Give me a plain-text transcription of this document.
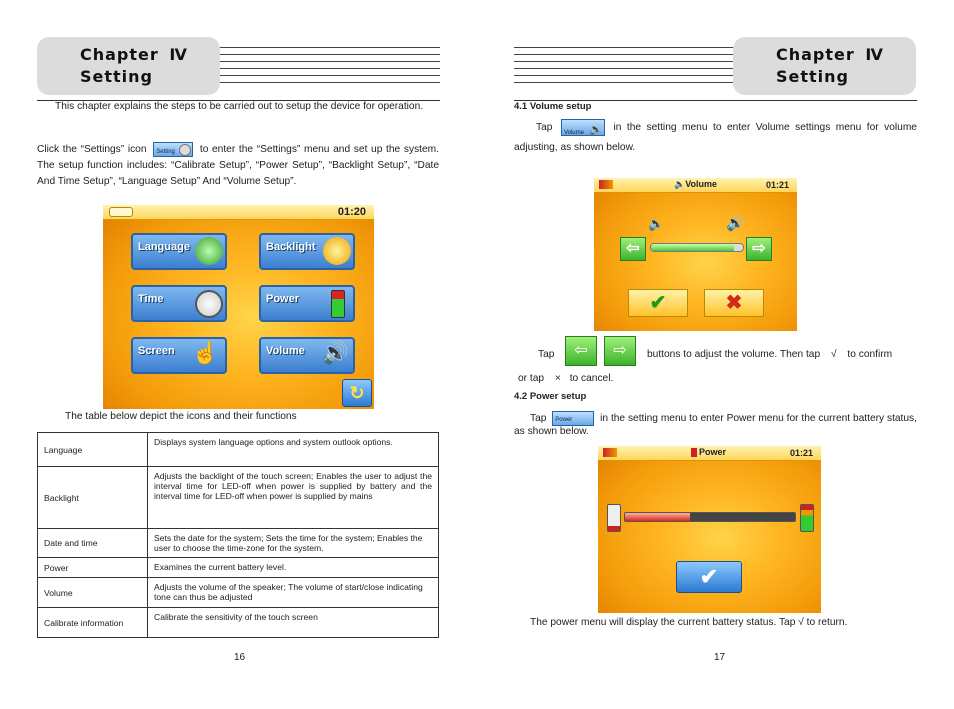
Chapter Ⅳ
Setting
This chapter explains the steps to be carried out to setup the device for operation.
Click the “Settings” icon Setting to enter the “Settings” menu and set up the system. The setup function includes: “Calibrate Setup”, “Power Setup”, “Backlight Setup”, “Date And Time Setup”, “Language Setup” And “Volume Setup”.
01:20
Language	Backlight
Time	Power
Screen ☝	Volume 🔊
↻
The table below depict the icons and their functions
Language	Displays system language options and system outlook options.
Backlight	Adjusts the backlight of the touch screen; Enables the user to adjust the interval time for LED-off when power is supplied by battery and the interval time for LED-off when power is supplied by mains
Date and time	Sets the date for the system; Sets the time for the system; Enables the user to choose the time-zone for the system.
Power	Examines the current battery level.
Volume	Adjusts the volume of the speaker; The volume of start/close indicating tone can thus be adjusted
Calibrate information	Calibrate the sensitivity of the touch screen
16
Chapter Ⅳ
Setting
4.1 Volume setup
Tap Volume 🔊 in the setting menu to enter Volume settings menu for volume adjusting, as shown below.
🔈Volume	01:21
🔈	🔊
⇦	⇨
✔	✖
Tap	⇦	⇨	buttons to adjust the volume. Then tap √ to confirm
or tap × to cancel.
4.2 Power setup
Tap Power	in the setting menu to enter Power menu for the current battery status, as shown below.
Power	01:21
✔
The power menu will display the current battery status. Tap √ to return.
17
